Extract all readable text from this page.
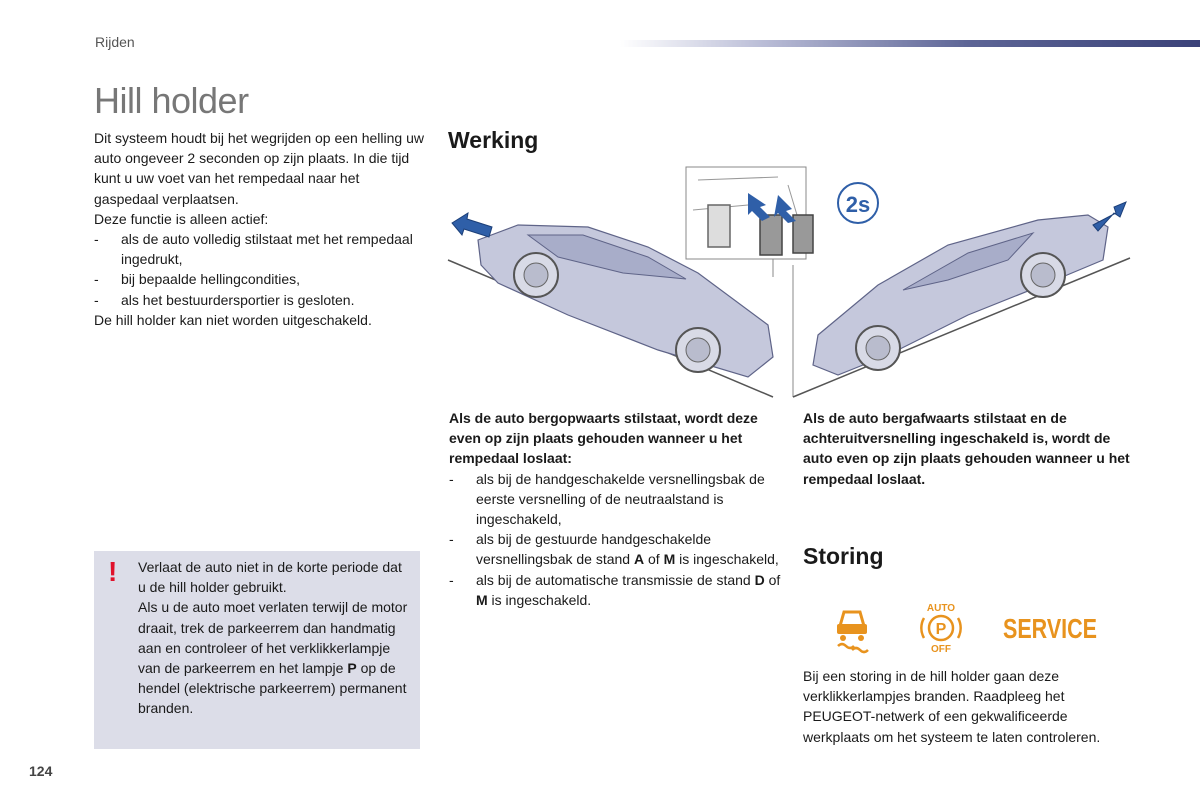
Rijden
Hill holder
Dit systeem houdt bij het wegrijden op een helling uw auto ongeveer 2 seconden op zijn plaats. In die tijd kunt u uw voet van het rempedaal naar het gaspedaal verplaatsen.
Deze functie is alleen actief:
- als de auto volledig stilstaat met het rempedaal ingedrukt,
- bij bepaalde hellingcondities,
- als het bestuurdersportier is gesloten.
De hill holder kan niet worden uitgeschakeld.
! Verlaat de auto niet in de korte periode dat u de hill holder gebruikt.
Als u de auto moet verlaten terwijl de motor draait, trek de parkeerrem dan handmatig aan en controleer of het verklikkerlampje van de parkeerrem en het lampje P op de hendel (elektrische parkeerrem) permanent branden.
Werking
2s
Als de auto bergopwaarts stilstaat, wordt deze even op zijn plaats gehouden wanneer u het rempedaal loslaat:
- als bij de handgeschakelde versnellingsbak de eerste versnelling of de neutraalstand is ingeschakeld,
- als bij de gestuurde handgeschakelde versnellingsbak de stand A of M is ingeschakeld,
- als bij de automatische transmissie de stand D of M is ingeschakeld.
Als de auto bergafwaarts stilstaat en de achteruitversnelling ingeschakeld is, wordt de auto even op zijn plaats gehouden wanneer u het rempedaal loslaat.
Storing
AUTO
P
OFF
SERVICE
Bij een storing in de hill holder gaan deze verklikkerlampjes branden. Raadpleeg het PEUGEOT-netwerk of een gekwalificeerde werkplaats om het systeem te laten controleren.
124
